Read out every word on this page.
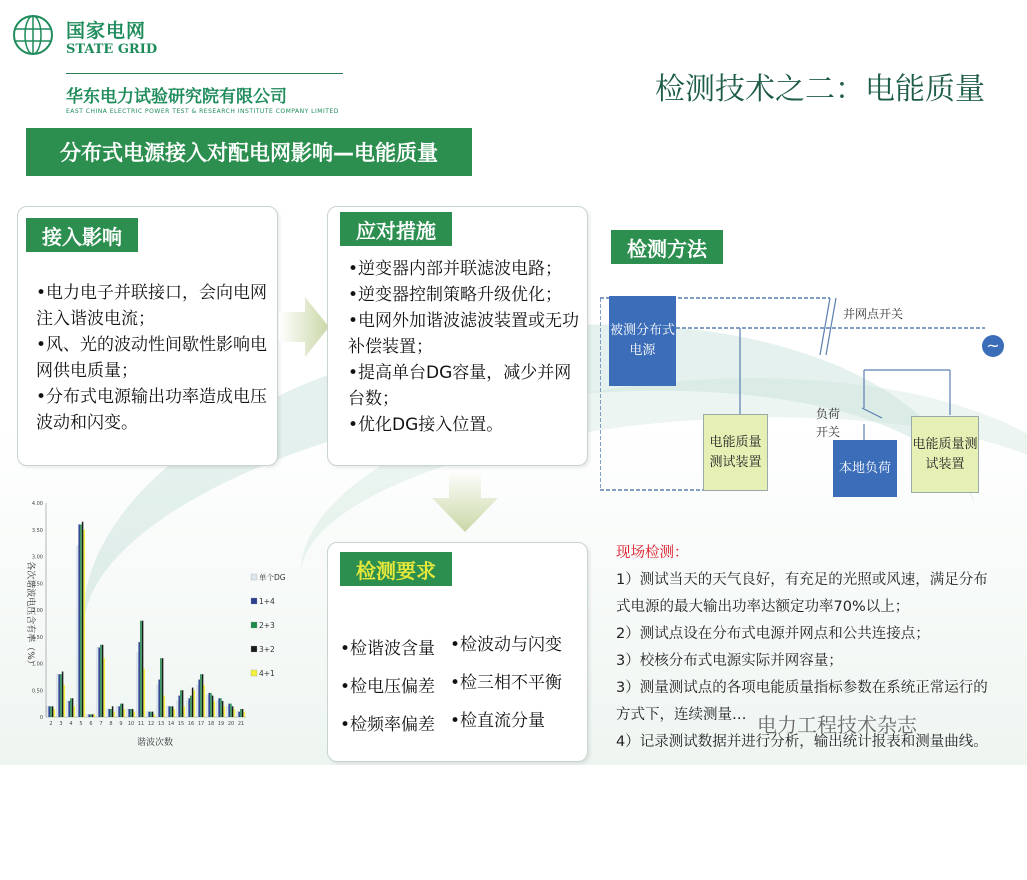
国家电网
STATE GRID
华东电力试验研究院有限公司
EAST CHINA ELECTRIC POWER TEST & RESEARCH INSTITUTE COMPANY LIMITED
检测技术之二：电能质量
分布式电源接入对配电网影响—电能质量
接入影响
•电力电子并联接口，会向电网
注入谐波电流；
•风、光的波动性间歇性影响电
网供电质量；
•分布式电源输出功率造成电压
波动和闪变。
应对措施
•逆变器内部并联滤波电路；
•逆变器控制策略升级优化；
•电网外加谐波滤波装置或无功
补偿装置；
•提高单台DG容量，减少并网
台数；
•优化DG接入位置。
检测要求
•检谐波含量
•检电压偏差
•检频率偏差
•检波动与闪变
•检三相不平衡
•检直流分量
检测方法
被测分布式电源
并网点开关
负荷开关
电能质量测试装置	本地负荷
电能质量测试装置
~

现场检测：

1）测试当天的天气良好，有充足的光照或风速，满足分布式电源的最大输出功率达额定功率70%以上；

2）测试点设在分布式电源并网点和公共连接点；

3）校核分布式电源实际并网容量；

3）测量测试点的各项电能质量指标参数在系统正常运行的方式下，连续测量…

4）记录测试数据并进行分析，输出统计报表和测量曲线。

电力工程技术杂志
0
0.50
1.00
1.50
2.00
2.50
3.00
3.50
4.00
2 3 4 5 6 7 8 9 10 11 12 13 14 15 16 17 18 19 20 21
单个DG
1+4
2+3
3+2
4+1
各次谐波电压含有率（%）
谐波次数
